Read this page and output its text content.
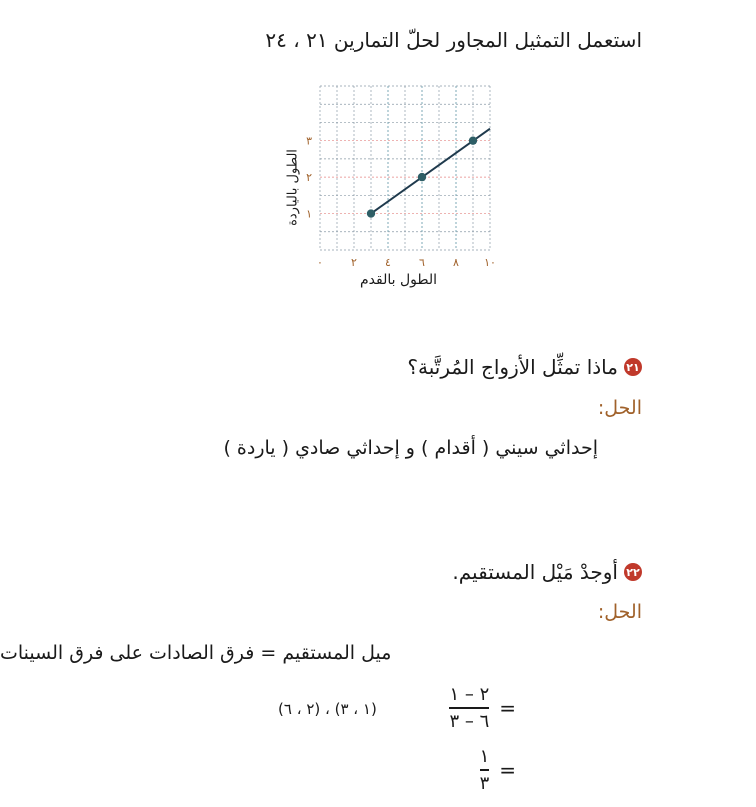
استعمل التمثيل المجاور لحلّ التمارين ٢١ ، ٢٤
٠	٢	٤	٦	٨ ١٠
١
٢
٣
الطول بالياردة
الطول بالقدم
٢١
ماذا تمثِّل الأزواج المُرتَّبة؟
الحل:
إحداثي سيني ( أقدام ) و إحداثي صادي ( ياردة )
٢٢
أوجدْ مَيْل المستقيم.
الحل:
ميل المستقيم = فرق الصادات على فرق السينات
=
$\frac{٢ - ١}{٦ - ٣}$
(٢ ، ٦) ، (١ ، ٣)
=
$\frac{١}{٣}$
